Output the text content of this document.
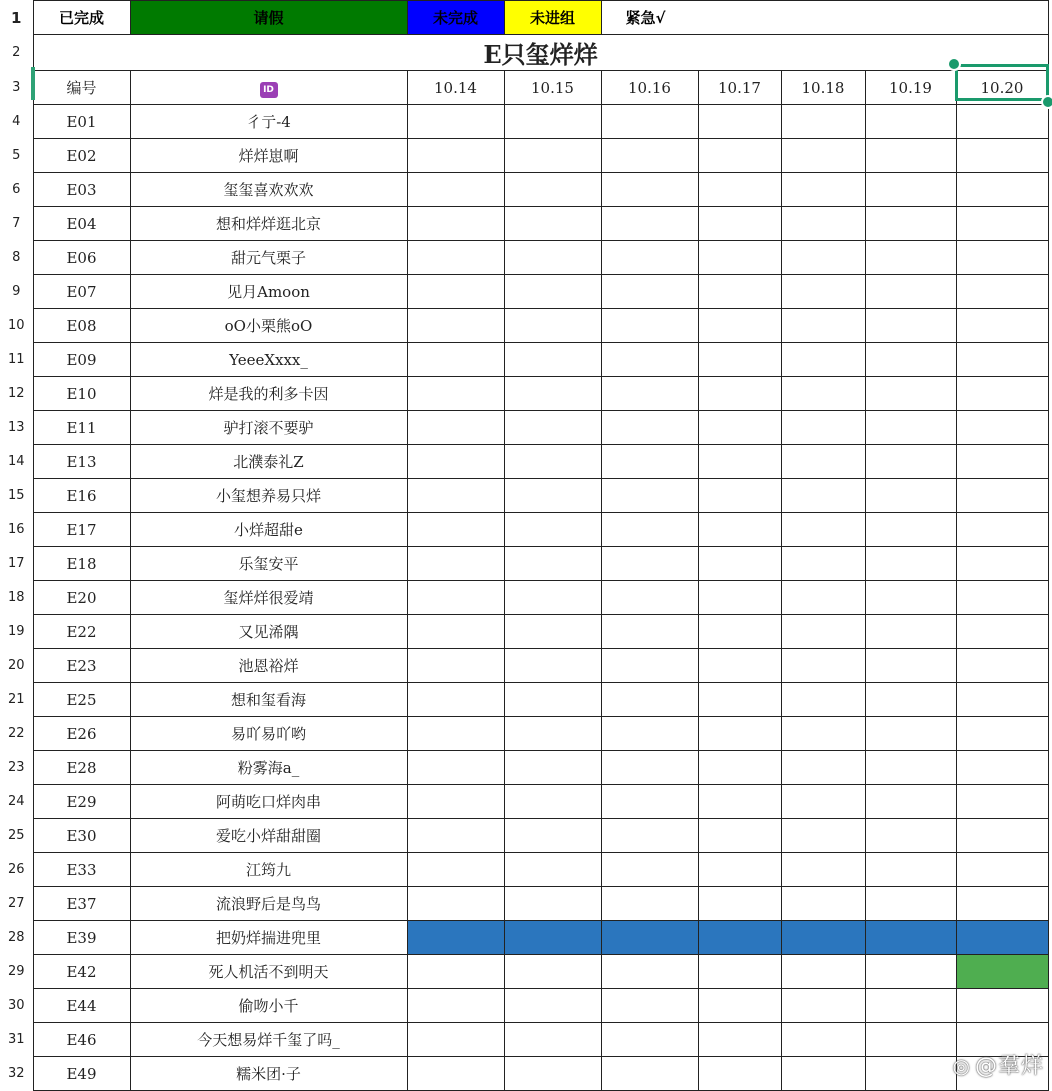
1	已完成	请假	未完成	未进组	紧急√				
2	E只玺烊烊								
3	编号	ID	10.14	10.15	10.16	10.17	10.18	10.19	10.20
4	E01	彳亍-4							
5	E02	烊烊崽啊							
6	E03	玺玺喜欢欢欢							
7	E04	想和烊烊逛北京							
8	E06	甜元气栗子							
9	E07	见月Amoon							
10	E08	oO小栗熊oO							
11	E09	YeeeXxxx_							
12	E10	烊是我的利多卡因							
13	E11	驴打滚不要驴							
14	E13	北濮泰礼Z							
15	E16	小玺想养易只烊							
16	E17	小烊超甜e							
17	E18	乐玺安平							
18	E20	玺烊烊很爱靖							
19	E22	又见浠隅							
20	E23	池恩裕烊							
21	E25	想和玺看海							
22	E26	易吖易吖哟							
23	E28	粉雾海a_							
24	E29	阿萌吃口烊肉串							
25	E30	爱吃小烊甜甜圈							
26	E33	江筠九							
27	E37	流浪野后是鸟鸟							
28	E39	把奶烊揣进兜里							
29	E42	死人机活不到明天							
30	E44	偷吻小千							
31	E46	今天想易烊千玺了吗_							
32	E49	糯米团·子								◎ @羣烊
